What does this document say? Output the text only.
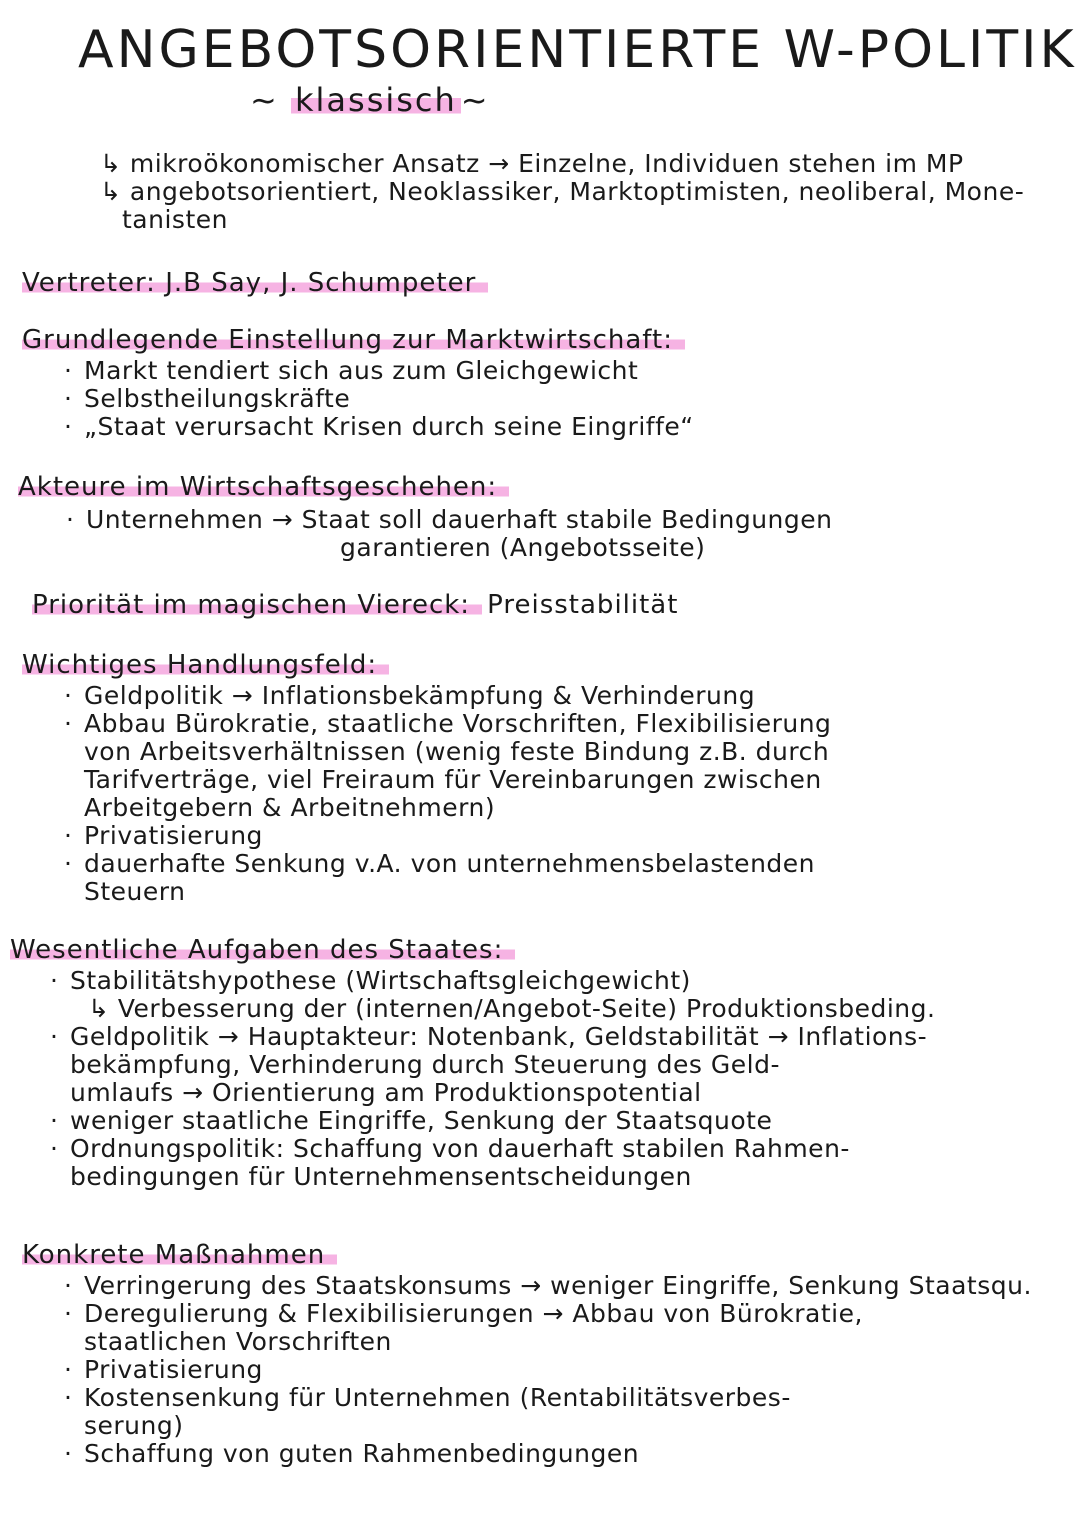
ANGEBOTSORIENTIERTE W-POLITIK
~ klassisch ~
↳ mikroökonomischer Ansatz → Einzelne, Individuen stehen im MP
↳ angebotsorientiert, Neoklassiker, Marktoptimisten, neoliberal, Mone-
tanisten
Vertreter: J.B Say, J. Schumpeter
Grundlegende Einstellung zur Marktwirtschaft:
· Markt tendiert sich aus zum Gleichgewicht
· Selbstheilungskräfte
· „Staat verursacht Krisen durch seine Eingriffe“
Akteure im Wirtschaftsgeschehen:
· Unternehmen → Staat soll dauerhaft stabile Bedingungen
garantieren (Angebotsseite)
Priorität im magischen Viereck: Preisstabilität
Wichtiges Handlungsfeld:
· Geldpolitik → Inflationsbekämpfung & Verhinderung
· Abbau Bürokratie, staatliche Vorschriften, Flexibilisierung
von Arbeitsverhältnissen (wenig feste Bindung z.B. durch
Tarifverträge, viel Freiraum für Vereinbarungen zwischen
Arbeitgebern & Arbeitnehmern)
· Privatisierung
· dauerhafte Senkung v.A. von unternehmensbelastenden
Steuern
Wesentliche Aufgaben des Staates:
· Stabilitätshypothese (Wirtschaftsgleichgewicht)
↳ Verbesserung der (internen/Angebot-Seite) Produktionsbeding.
· Geldpolitik → Hauptakteur: Notenbank, Geldstabilität → Inflations-
bekämpfung, Verhinderung durch Steuerung des Geld-
umlaufs → Orientierung am Produktionspotential
· weniger staatliche Eingriffe, Senkung der Staatsquote
· Ordnungspolitik: Schaffung von dauerhaft stabilen Rahmen-
bedingungen für Unternehmensentscheidungen
Konkrete Maßnahmen
· Verringerung des Staatskonsums → weniger Eingriffe, Senkung Staatsqu.
· Deregulierung & Flexibilisierungen → Abbau von Bürokratie,
staatlichen Vorschriften
· Privatisierung
· Kostensenkung für Unternehmen (Rentabilitätsverbes-
serung)
· Schaffung von guten Rahmenbedingungen
